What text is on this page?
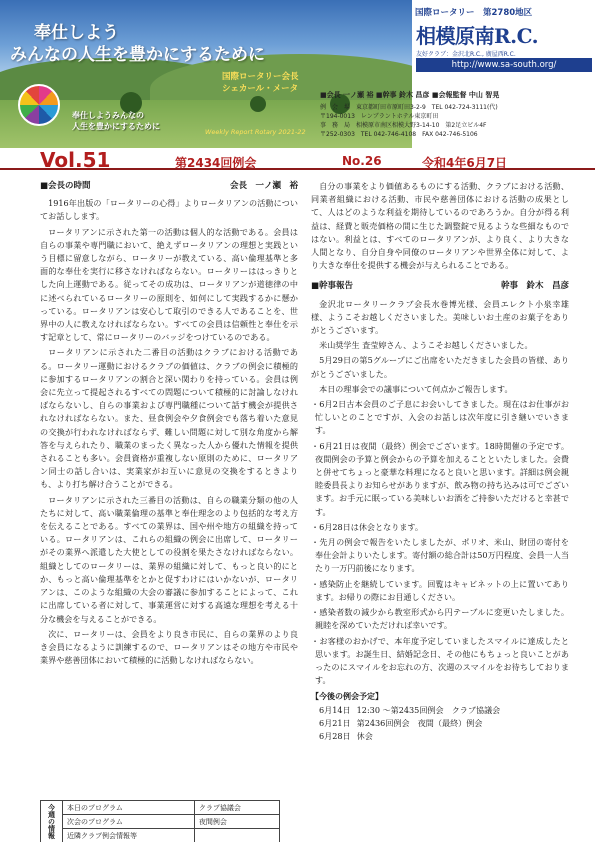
奉仕しよう
みんなの人生を豊かにするために
国際ロータリー会長
シェカール・メータ
奉仕しようみんなの
人生を豊かにするために
Weekly Report Rotary 2021-22
国際ロータリー　第2780地区
相模原南R.C.
友好クラブ：金沢北R.C., 廣屋西R.C.
http://www.sa-south.org/
■会長 一ノ瀬 裕 ■幹事 鈴木 昌彦 ■会報監督 中山 智晃
例　会　場　東京都町田市原町田3-2-9　TEL 042-724-3111(代)
〒194-0013　レンブラントホテル東京町田
事　務　局　相模原市南区相模大野3-14-10　第2足立ビル4F
〒252-0303　TEL 042-746-4108　FAX 042-746-5106
Vol.51	第2434回例会	No.26	令和4年6月7日
■会長の時間	会長　一ノ瀬　裕

1916年出版の「ロータリーの心得」よりロータリアンの活動についてお話しします。

ロータリアンに示された第一の活動は個人的な活動である。会員は自らの事業や専門職において、絶えずロータリアンの理想と実践という目標に留意しながら、ロータリーが教えている、高い倫理基準と多面的な奉仕を実行に移さなければならない。ロータリーははっきりとした向上運動である。従ってその成功は、ロータリアンが道徳律の中に述べられているロータリーの原則を、如何にして実践するかに懸かっている。ロータリアンは安心して取引のできる人であることを、世界中の人に教えなければならない。すべての会員は信頼性と奉仕を示す記章として、常にロータリーのバッジをつけているのである。

ロータリアンに示された二番目の活動はクラブにおける活動である。ロータリー運動におけるクラブの価値は、クラブの例会に積極的に参加するロータリアンの割合と深い関わりを持っている。会員は例会に先立って提起されるすべての問題について積極的に討論しなければならないし、自らの事業および専門職種について話す機会が提供されなければならない。また、昼食例会や夕食例会でも落ち着いた意見の交換が行われなければならず、難しい問題に対して別な角度から解答を与えられたり、職業のまったく異なった人から優れた情報を提供されることも多い。会員資格が重複しない原則のために、ロータリアン同士の話し合いは、実業家がお互いに意見の交換をするときよりも、より打ち解け合うことができる。

ロータリアンに示された三番目の活動は、自らの職業分類の他の人たちに対して、高い職業倫理の基準と奉仕理念のより包括的な考え方を伝えることである。すべての業界は、国や州や地方の組織を持っている。ロータリアンは、これらの組織の例会に出席して、ロータリーがその業界へ派遣した大使としての役割を果たさなければならない。組織としてのロータリーは、業界の組織に対して、もっと良い的にとか、もっと高い倫理基準をとかと促すわけにはいかないが、ロータリアンは、このような組織の大会の審議に参加することによって、これに出席している者に対して、事業運営に対する高遠な理想を考える十分な機会を与えることができる。

次に、ロータリーは、会員をより良き市民に、自らの業界のより良き会員になるように訓練するので、ロータリアンはその地方や市民や業界や慈善団体において積極的に活動しなければならない。

自分の事業をより価値あるものにする活動、クラブにおける活動、同業者組織における活動、市民や慈善団体における活動の成果として、人はどのような利益を期待しているのであろうか。自分が得る利益は、経費と販売価格の間に生じた調整錠で見るような些細なものではない。利益とは、すべてのロータリアンが、より良く、より大きな人間となり、自分自身や同僚のロータリアンや世界全体に対して、より大きな奉仕を提供する機会が与えられることである。

■幹事報告	幹事　鈴木　昌彦

金沢北ロータリークラブ会長水巻博光様、会員エレクト小泉幸雄様、ようこそお越しくださいました。美味しいお土産のお菓子をありがとうございます。

米山奨学生 査莹婷さん、ようこそお越しくださいました。

5月29日の第5グループにご出席をいただきました会員の皆様、ありがとうございました。

本日の理事会での議事について何点かご報告します。

・6月2日古本会員のご子息にお会いしてきました。現在はお仕事がお忙しいとのことですが、入会のお話しは次年度に引き継いでいきます。

・6月21日は夜間（最終）例会でございます。18時開催の予定です。夜間例会の予算と例会からの予算を加えることといたしました。会費と併せてちょっと豪華な料理になると良いと思います。詳細は例会親睦委員長よりお知らせがありますが、飲み物の持ち込みは可でございます。お手元に眠っている美味しいお酒をご持参いただけると幸甚です。

・6月28日は休会となります。

・先月の例会で報告をいたしましたが、ポリオ、米山、財団の寄付を奉仕会計よりいたします。寄付額の総合計は50万円程度、会員一人当たり一万円前後になります。

・感染防止を継続しています。回覧はキャビネットの上に置いてあります。お帰りの際にお目通しください。

・感染者数の減少から教室形式から円テーブルに変更いたしました。親睦を深めていただければ幸いです。

・お客様のおかげで、本年度予定していましたスマイルに達成したと思います。お誕生日、結婚記念日、その他にもちょっと良いことがあったのにスマイルをお忘れの方、次週のスマイルをお待ちしております。

【今後の例会予定】
6月14日 12:30 ～第2435回例会　クラブ協議会
6月21日 第2436回例会　夜間（最終）例会
6月28日 休会
今週の情報	本日のプログラム	クラブ協議会
	次会のプログラム	夜間例会
	近隣クラブ例会情報等	
